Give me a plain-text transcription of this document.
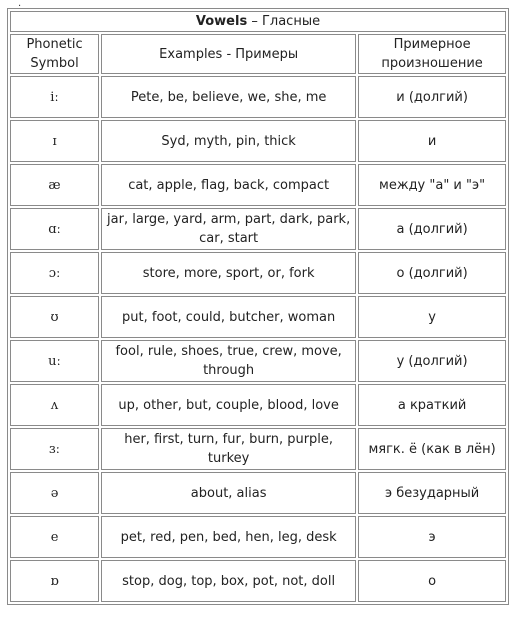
.
Vowels – Гласные		
Phonetic Symbol	Examples - Примеры	Примерное произношение
iː	Pete, be, believe, we, she, me	и (долгий)
ɪ	Syd, myth, pin, thick	и
æ	cat, apple, flag, back, compact	между "а" и "э"
ɑː	jar, large, yard, arm, part, dark, park, car, start	а (долгий)
ɔː	store, more, sport, or, fork	о (долгий)
ʊ	put, foot, could, butcher, woman	у
uː	fool, rule, shoes, true, crew, move, through	у (долгий)
ʌ	up, other, but, couple, blood, love	а краткий
ɜː	her, first, turn, fur, burn, purple, turkey	мягк. ё (как в лён)
ə	about, alias	э безударный
e	pet, red, pen, bed, hen, leg, desk	э
ɒ	stop, dog, top, box, pot, not, doll	о
